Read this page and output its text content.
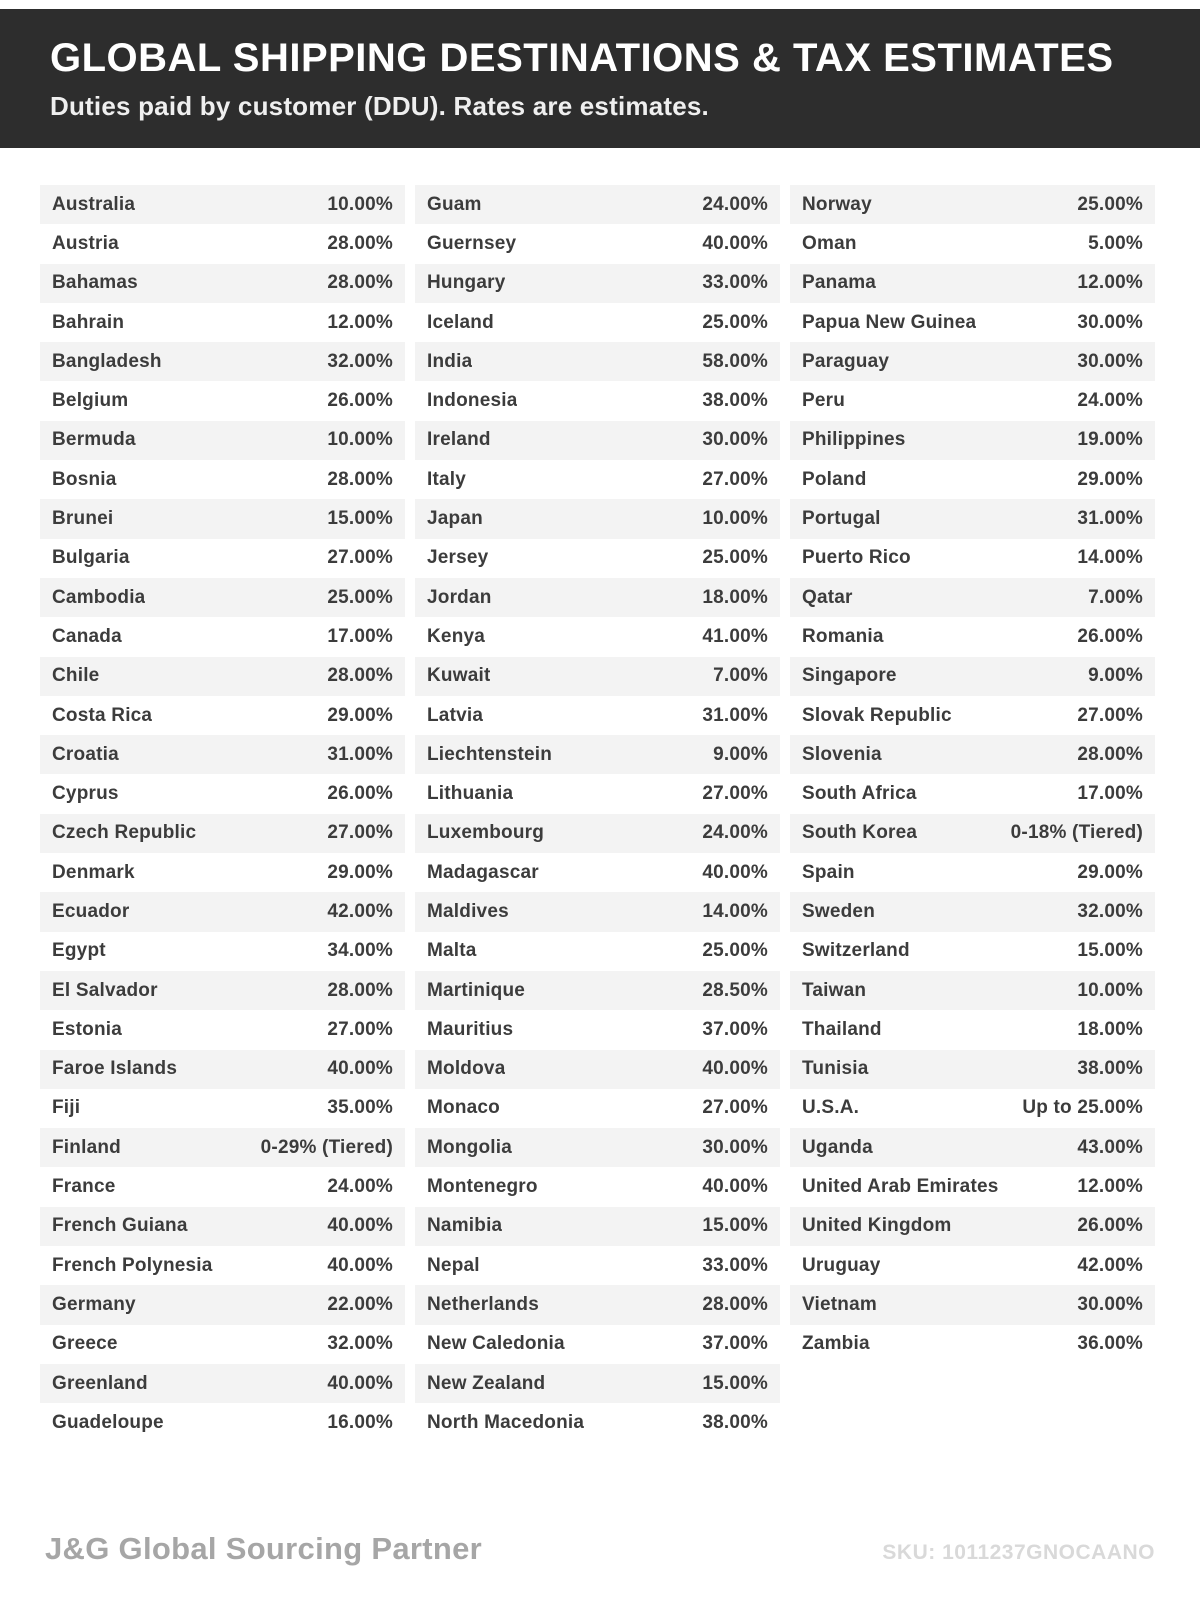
GLOBAL SHIPPING DESTINATIONS & TAX ESTIMATES
Duties paid by customer (DDU). Rates are estimates.
Australia	10.00%
Austria	28.00%
Bahamas	28.00%
Bahrain	12.00%
Bangladesh	32.00%
Belgium	26.00%
Bermuda	10.00%
Bosnia	28.00%
Brunei	15.00%
Bulgaria	27.00%
Cambodia	25.00%
Canada	17.00%
Chile	28.00%
Costa Rica	29.00%
Croatia	31.00%
Cyprus	26.00%
Czech Republic	27.00%
Denmark	29.00%
Ecuador	42.00%
Egypt	34.00%
El Salvador	28.00%
Estonia	27.00%
Faroe Islands	40.00%
Fiji	35.00%
Finland	0-29% (Tiered)
France	24.00%
French Guiana	40.00%
French Polynesia	40.00%
Germany	22.00%
Greece	32.00%
Greenland	40.00%
Guadeloupe	16.00%
Guam	24.00%
Guernsey	40.00%
Hungary	33.00%
Iceland	25.00%
India	58.00%
Indonesia	38.00%
Ireland	30.00%
Italy	27.00%
Japan	10.00%
Jersey	25.00%
Jordan	18.00%
Kenya	41.00%
Kuwait	7.00%
Latvia	31.00%
Liechtenstein	9.00%
Lithuania	27.00%
Luxembourg	24.00%
Madagascar	40.00%
Maldives	14.00%
Malta	25.00%
Martinique	28.50%
Mauritius	37.00%
Moldova	40.00%
Monaco	27.00%
Mongolia	30.00%
Montenegro	40.00%
Namibia	15.00%
Nepal	33.00%
Netherlands	28.00%
New Caledonia	37.00%
New Zealand	15.00%
North Macedonia	38.00%
Norway	25.00%
Oman	5.00%
Panama	12.00%
Papua New Guinea	30.00%
Paraguay	30.00%
Peru	24.00%
Philippines	19.00%
Poland	29.00%
Portugal	31.00%
Puerto Rico	14.00%
Qatar	7.00%
Romania	26.00%
Singapore	9.00%
Slovak Republic	27.00%
Slovenia	28.00%
South Africa	17.00%
South Korea	0-18% (Tiered)
Spain	29.00%
Sweden	32.00%
Switzerland	15.00%
Taiwan	10.00%
Thailand	18.00%
Tunisia	38.00%
U.S.A.	Up to 25.00%
Uganda	43.00%
United Arab Emirates	12.00%
United Kingdom	26.00%
Uruguay	42.00%
Vietnam	30.00%
Zambia	36.00%
J&G Global Sourcing Partner	SKU: 1011237GNOCAANO
